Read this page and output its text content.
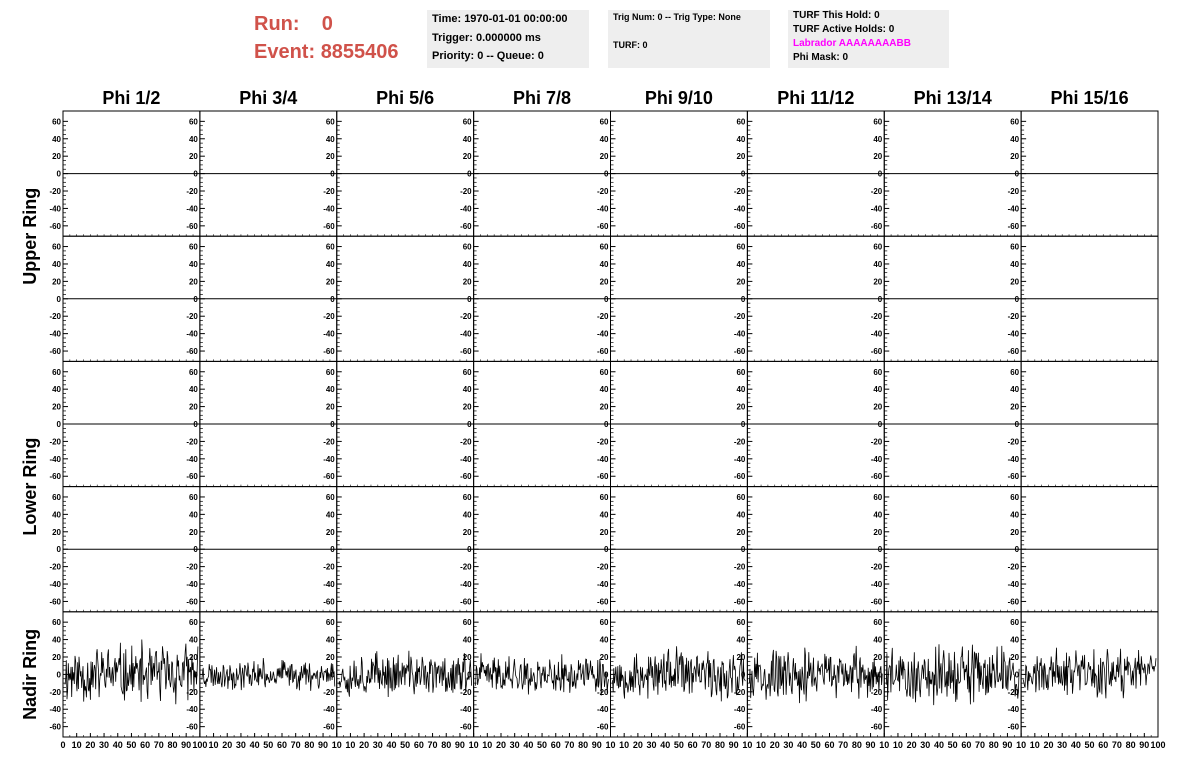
Run: 0
Event: 8855406
Time: 1970-01-01 00:00:00
Trigger: 0.000000 ms
Priority: 0 -- Queue: 0
Trig Num: 0 -- Trig Type: None
TURF: 0
TURF This Hold: 0
TURF Active Holds: 0
Labrador AAAAAAAABB
Phi Mask: 0
Phi 1/2	Phi 3/4	Phi 5/6	Phi 7/8	Phi 9/10	Phi 11/12	Phi 13/14	Phi 15/16
Upper Ring
Lower Ring
Nadir Ring
60
40
20
0
-20
-40
-60
60
40
20
0
-20
-40
-60
60
40
20
0
-20
-40
-60
60
40
20
0
-20
-40
-60
60
40
20
0
-20
-40
-60
60
40
20
0
-20
-40
-60
60
40
20
0
-20
-40
-60
60
40
20
0
-20
-40
-60
60
40
20
0
-20
-40
-60
60
40
20
0
-20
-40
-60
60
40
20
0
-20
-40
-60
60
40
20
0
-20
-40
-60
60
40
20
0
-20
-40
-60
60
40
20
0
-20
-40
-60
60
40
20
0
-20
-40
-60
60
40
20
0
-20
-40
-60
60
40
20
0
-20
-40
-60
60
40
20
0
-20
-40
-60
60
40
20
0
-20
-40
-60
60
40
20
0
-20
-40
-60
60
40
20
0
-20
-40
-60
60
40
20
0
-20
-40
-60
60
40
20
0
-20
-40
-60
60
40
20
0
-20
-40
-60
60
40
20
0
-20
-40
-60
60
40
20
0
-20
-40
-60
60
40
20
0
-20
-40
-60
60
40
20
0
-20
-40
-60
60
40
20
0
-20
-40
-60
60
40
20
0
-20
-40
-60
60
40
20
0
-20
-40
-60
60
40
20
0
-20
-40
-60
60
40
20
0
-20
-40
-60
0 10 20 30 40 50 60 70 80 90 100
60
40
20
0
-20
-40
-60
10 20 30 40 50 60 70 80 90 10
60
40
20
0
-20
-40
-60
10 20 30 40 50 60 70 80 90 10
60
40
20
0
-20
-40
-60
10 20 30 40 50 60 70 80 90 10
60
40
20
0
-20
-40
-60
10 20 30 40 50 60 70 80 90 10
60
40
20
0
-20
-40
-60
10 20 30 40 50 60 70 80 90 10
60
40
20
0
-20
-40
-60
10 20 30 40 50 60 70 80 90 10
60
40
20
0
-20
-40
-60
10 20 30 40 50 60 70 80 90 100
